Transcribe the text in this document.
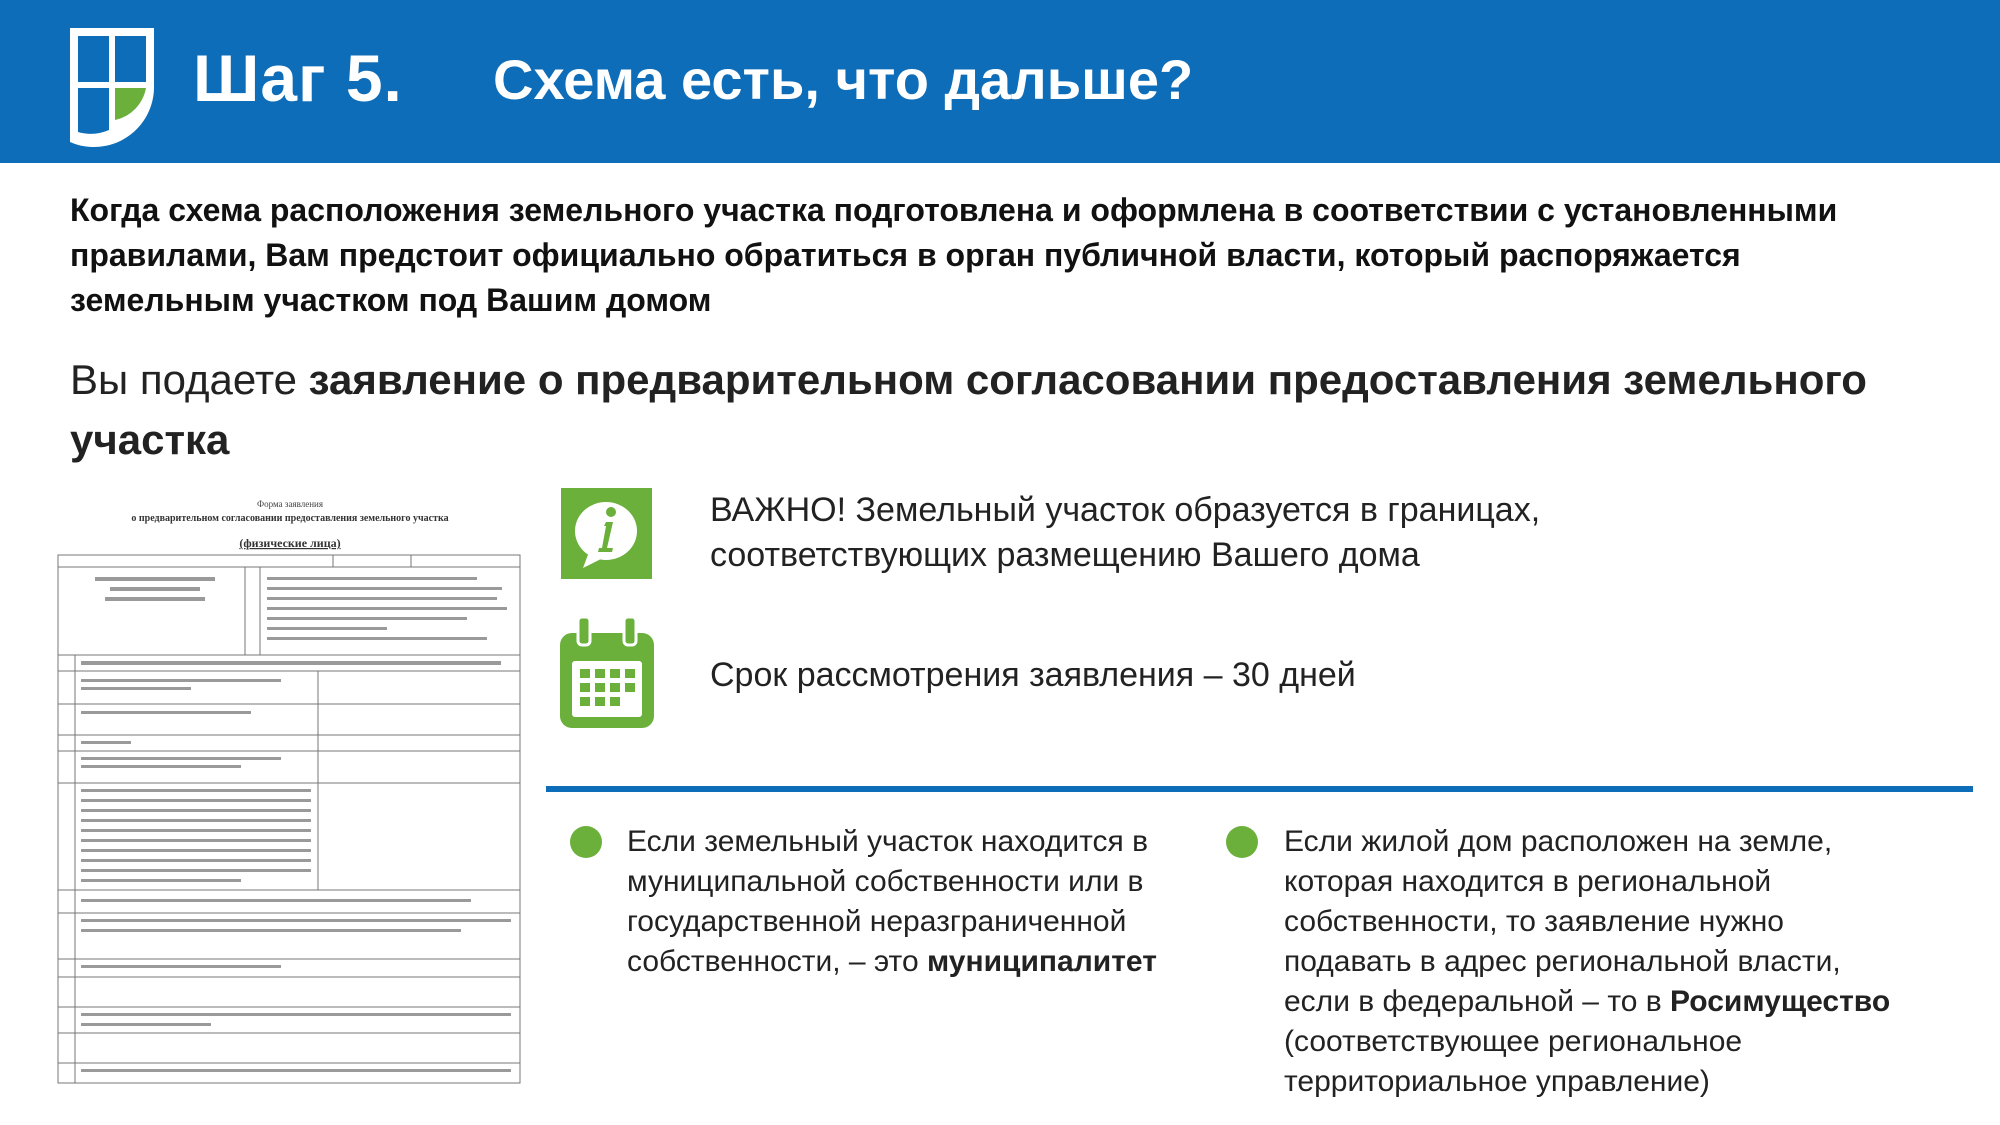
Шаг 5. Схема есть, что дальше?
Когда схема расположения земельного участка подготовлена и оформлена в соответствии с установленными правилами, Вам предстоит официально обратиться в орган публичной власти, который распоряжается земельным участком под Вашим домом
Вы подаете заявление о предварительном согласовании предоставления земельного участка
Форма заявления
о предварительном согласовании предоставления земельного участка
(физические лица)
ВАЖНО! Земельный участок образуется в границах, соответствующих размещению Вашего дома
Срок рассмотрения заявления – 30 дней
Если земельный участок находится в муниципальной собственности или в государственной неразграниченной собственности, – это муниципалитет
Если жилой дом расположен на земле, которая находится в региональной собственности, то заявление нужно подавать в адрес региональной власти, если в федеральной – то в Росимущество (соответствующее региональное территориальное управление)
